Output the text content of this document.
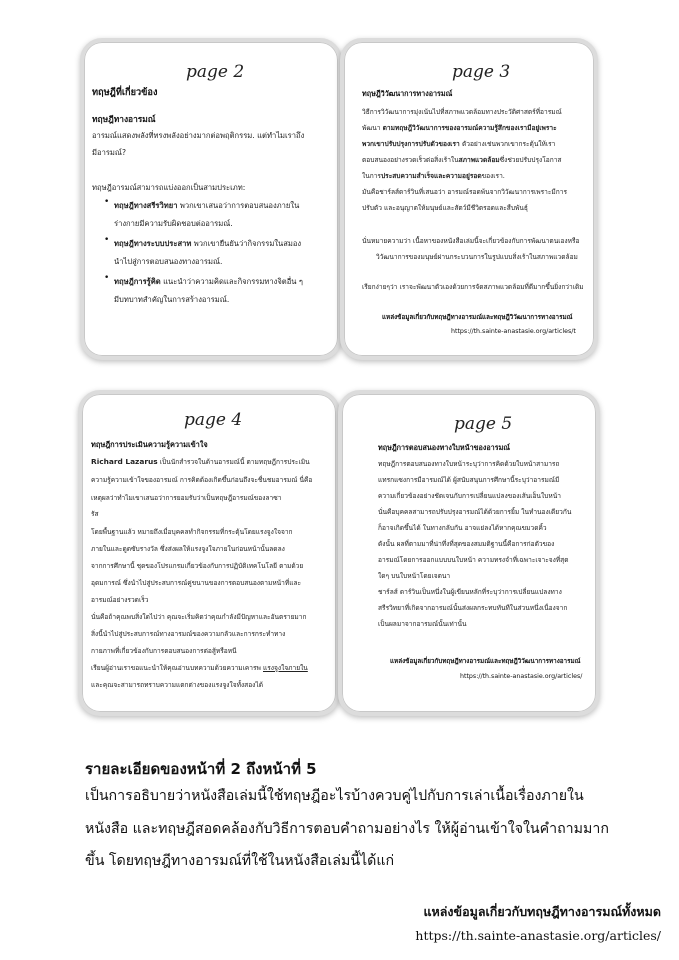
page 2
ทฤษฎีที่เกี่ยวข้อง
ทฤษฎีทางอารมณ์
อารมณ์แสดงพลังที่ทรงพลังอย่างมากต่อพฤติกรรม. แต่ทำไมเราถึง
มีอารมณ์?
ทฤษฎีอารมณ์สามารถแบ่งออกเป็นสามประเภท:
• ทฤษฎีทางสรีรวิทยา พวกเขาเสนอว่าการตอบสนองภายใน
ร่างกายมีความรับผิดชอบต่ออารมณ์.
• ทฤษฎีทางระบบประสาท พวกเขายืนยันว่ากิจกรรมในสมอง
นำไปสู่การตอบสนองทางอารมณ์.
• ทฤษฎีการรู้คิด แนะนำว่าความคิดและกิจกรรมทางจิตอื่น ๆ
มีบทบาทสำคัญในการสร้างอารมณ์.
page 3
ทฤษฎีวิวัฒนาการทางอารมณ์
วิธีการวิวัฒนาการมุ่งเน้นไปที่สภาพแวดล้อมทางประวัติศาสตร์ที่อารมณ์
พัฒนา ตามทฤษฎีวิวัฒนาการของอารมณ์ความรู้สึกของเรามีอยู่เพราะ
พวกเขาปรับปรุงการปรับตัวของเรา ตัวอย่างเช่นพวกเขากระตุ้นให้เรา
ตอบสนองอย่างรวดเร็วต่อสิ่งเร้าในสภาพแวดล้อมซึ่งช่วยปรับปรุงโอกาส
ในการประสบความสำเร็จและความอยู่รอดของเรา.
มันคือชาร์ลส์ดาร์วินที่เสนอว่า อารมณ์รอดพ้นจากวิวัฒนาการเพราะมีการ
ปรับตัว และอนุญาตให้มนุษย์และสัตว์มีชีวิตรอดและสืบพันธุ์
นั่นหมายความว่า เนื้อหาของหนังสือเล่มนี้จะเกี่ยวข้องกับการพัฒนาตนเองหรือ
วิวัฒนาการของมนุษย์ผ่านกระบวนการในรูปแบบสิ่งเร้าในสภาพแวดล้อม
เรียกง่ายๆว่า เราจะพัฒนาตัวเองด้วยการจัดสภาพแวดล้อมที่ดีมากขึ้นยิ่งกว่าเดิม
แหล่งข้อมูลเกี่ยวกับทฤษฎีทางอารมณ์และทฤษฎีวิวัฒนาการทางอารมณ์
https://th.sainte-anastasie.org/articles/t
page 4
ทฤษฎีการประเมินความรู้ความเข้าใจ
Richard Lazarus เป็นนักสำรวจในด้านอารมณ์นี้ ตามทฤษฎีการประเมิน
ความรู้ความเข้าใจของอารมณ์ การคิดต้องเกิดขึ้นก่อนถึงจะชื่นชมอารมณ์ นี่คือ
เหตุผลว่าทำไมเขาเสนอว่าการยอมรับว่าเป็นทฤษฎีอารมณ์ของลาซา
รัส
โดยพื้นฐานแล้ว หมายถึงเมื่อบุคคลทำกิจกรรมที่กระตุ้นโดยแรงจูงใจจาก
ภายในและดูดซับรางวัล ซึ่งส่งผลให้แรงจูงใจภายในก่อนหน้านั้นลดลง
จากการศึกษานี้ ชุดของโปรแกรมเกี่ยวข้องกับการปฏิบัติเทคโนโลยี ตามด้วย
อุดมการณ์ ซึ่งนำไปสู่ประสบการณ์คู่ขนานของการตอบสนองตามหน้าที่และ
อารมณ์อย่างรวดเร็ว
นั่นคือถ้าคุณพบสิ่งใดไปว่า คุณจะเริ่มคิดว่าคุณกำลังมีปัญหาและอันตรายมาก
สิ่งนี้นำไปสู่ประสบการณ์ทางอารมณ์ของความกลัวและการกระทำทาง
กายภาพที่เกี่ยวข้องกับการตอบสนองการต่อสู้หรือหนี
เรียนผู้อ่านเราขอแนะนำให้คุณอ่านบทความด้วยความเคารพ แรงจูงใจภายใน
และคุณจะสามารถทราบความแตกต่างของแรงจูงใจทั้งสองได้
page 5
ทฤษฎีการตอบสนองทางใบหน้าของอารมณ์
ทฤษฎีการตอบสนองทางใบหน้าระบุว่าการคิดด้วยใบหน้าสามารถ
แทรกแซงการมีอารมณ์ได้ ผู้สนับสนุนการศึกษานี้ระบุว่าอารมณ์มี
ความเกี่ยวข้องอย่างชัดเจนกับการเปลี่ยนแปลงของเส้นเอ็นใบหน้า
นั่นคือบุคคลสามารถปรับปรุงอารมณ์ได้ด้วยการยิ้ม ในทำนองเดียวกัน
ก็อาจเกิดขึ้นได้ ในทางกลับกัน อาจแย่ลงได้หากคุณขมวดคิ้ว
ดังนั้น ผลที่ตามมาที่น่าทึ่งที่สุดของสมมติฐานนี้คือการก่อตัวของ
อารมณ์โดยการออกแบบบนใบหน้า ความทรงจำที่เฉพาะเจาะจงที่สุด
ใดๆ บนใบหน้าโดยเจตนา
ชาร์ลส์ ดาร์วินเป็นหนึ่งในผู้เขียนหลักที่ระบุว่าการเปลี่ยนแปลงทาง
สรีรวิทยาที่เกิดจากอารมณ์นั้นส่งผลกระทบทันทีในส่วนหนึ่งเนื่องจาก
เป็นผลมาจากอารมณ์นั้นเท่านั้น
แหล่งข้อมูลเกี่ยวกับทฤษฎีทางอารมณ์และทฤษฎีวิวัฒนาการทางอารมณ์
https://th.sainte-anastasie.org/articles/
รายละเอียดของหน้าที่ 2 ถึงหน้าที่ 5
เป็นการอธิบายว่าหนังสือเล่มนี้ใช้ทฤษฎีอะไรบ้างควบคู่ไปกับการเล่าเนื้อเรื่องภายใน
หนังสือ และทฤษฎีสอดคล้องกับวิธีการตอบคำถามอย่างไร ให้ผู้อ่านเข้าใจในคำถามมาก
ขึ้น โดยทฤษฎีทางอารมณ์ที่ใช้ในหนังสือเล่มนี้ได้แก่
แหล่งข้อมูลเกี่ยวกับทฤษฎีทางอารมณ์ทั้งหมด
https://th.sainte-anastasie.org/articles/
